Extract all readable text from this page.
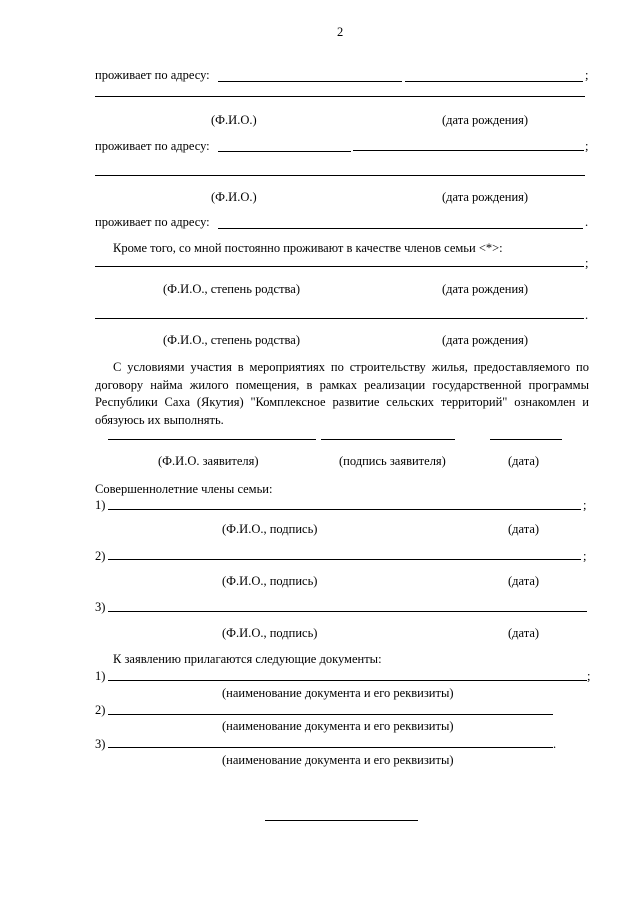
2
проживает по адресу:	;
(Ф.И.О.)	(дата рождения)
проживает по адресу:	;
(Ф.И.О.)	(дата рождения)
проживает по адресу:	.
Кроме того, со мной постоянно проживают в качестве членов семьи <*>:
;
(Ф.И.О., степень родства)	(дата рождения)
.
(Ф.И.О., степень родства)	(дата рождения)
С условиями участия в мероприятиях по строительству жилья, предоставляемого по договору найма жилого помещения, в рамках реализации государственной программы Республики Саха (Якутия) "Комплексное развитие сельских территорий" ознакомлен и обязуюсь их выполнять.
(Ф.И.О. заявителя)	(подпись заявителя)	(дата)
Совершеннолетние члены семьи:
1)	;
(Ф.И.О., подпись)	(дата)
2)	;
(Ф.И.О., подпись)	(дата)
3)
(Ф.И.О., подпись)	(дата)
К заявлению прилагаются следующие документы:
1)	;
(наименование документа и его реквизиты)
2)
(наименование документа и его реквизиты)
3)	.
(наименование документа и его реквизиты)
